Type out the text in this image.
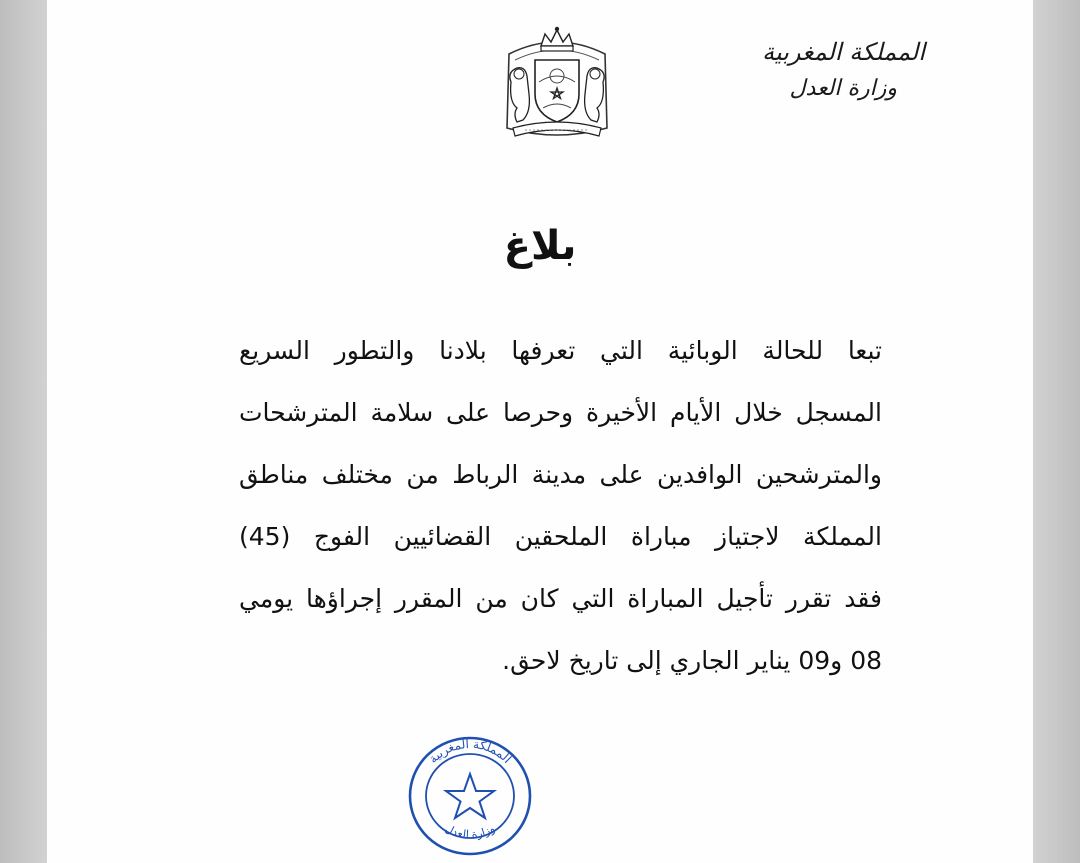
المملكة المغربية
وزارة العدل
بلاغ
تبعا للحالة الوبائية التي تعرفها بلادنا والتطور السريع
المسجل خلال الأيام الأخيرة وحرصا على سلامة المترشحات
والمترشحين الوافدين على مدينة الرباط من مختلف مناطق
المملكة لاجتياز مباراة الملحقين القضائيين الفوج (45)
فقد تقرر تأجيل المباراة التي كان من المقرر إجراؤها يومي
08 و09 يناير الجاري إلى تاريخ لاحق.
المملكة المغربية
وزارة العدل
